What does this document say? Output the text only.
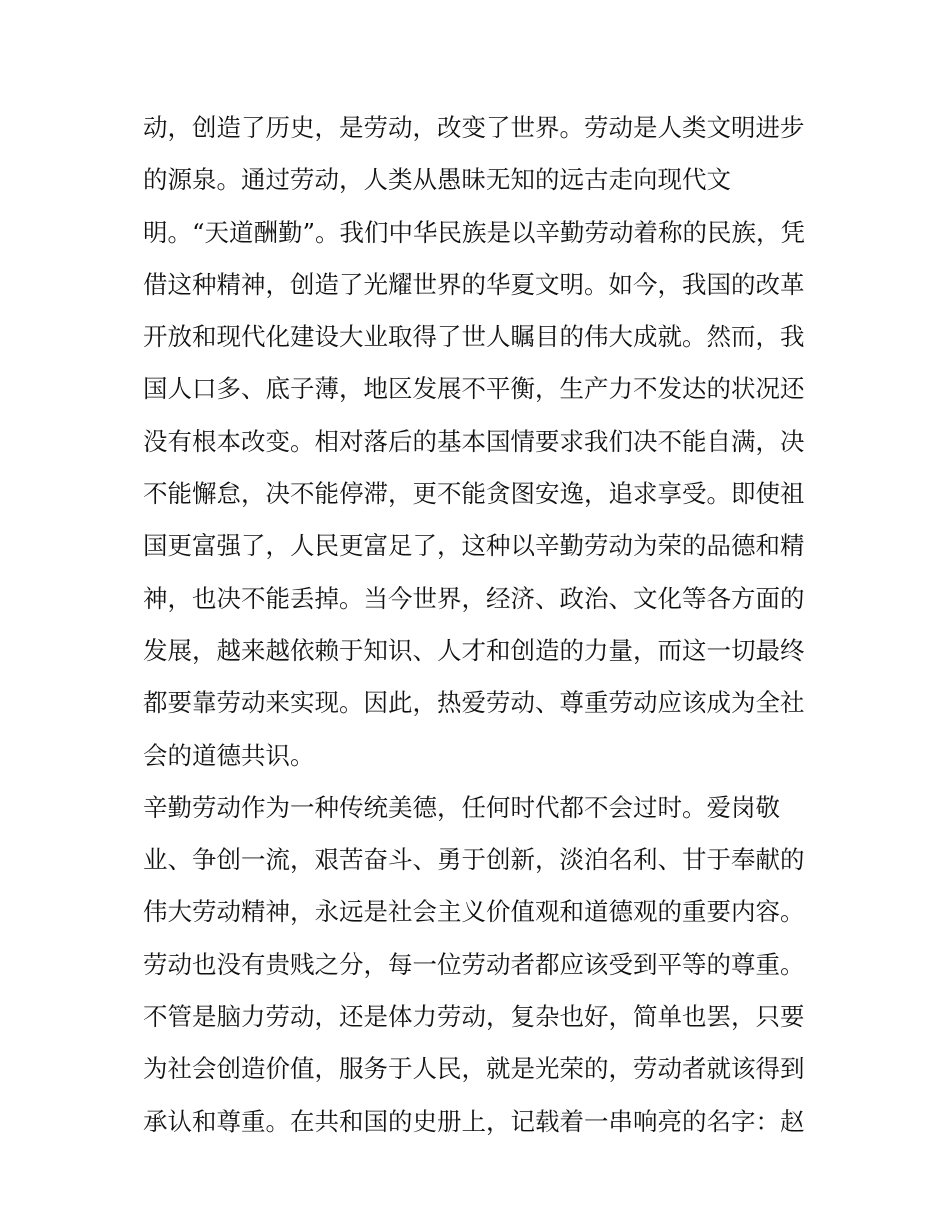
动，创造了历史，是劳动，改变了世界。劳动是人类文明进步
的源泉。通过劳动，人类从愚昧无知的远古走向现代文
明。“天道酬勤”。我们中华民族是以辛勤劳动着称的民族，凭
借这种精神，创造了光耀世界的华夏文明。如今，我国的改革
开放和现代化建设大业取得了世人瞩目的伟大成就。然而，我
国人口多、底子薄，地区发展不平衡，生产力不发达的状况还
没有根本改变。相对落后的基本国情要求我们决不能自满，决
不能懈怠，决不能停滞，更不能贪图安逸，追求享受。即使祖
国更富强了，人民更富足了，这种以辛勤劳动为荣的品德和精
神，也决不能丢掉。当今世界，经济、政治、文化等各方面的
发展，越来越依赖于知识、人才和创造的力量，而这一切最终
都要靠劳动来实现。因此，热爱劳动、尊重劳动应该成为全社
会的道德共识。
辛勤劳动作为一种传统美德，任何时代都不会过时。爱岗敬
业、争创一流，艰苦奋斗、勇于创新，淡泊名利、甘于奉献的
伟大劳动精神，永远是社会主义价值观和道德观的重要内容。
劳动也没有贵贱之分，每一位劳动者都应该受到平等的尊重。
不管是脑力劳动，还是体力劳动，复杂也好，简单也罢，只要
为社会创造价值，服务于人民，就是光荣的，劳动者就该得到
承认和尊重。在共和国的史册上，记载着一串响亮的名字：赵
